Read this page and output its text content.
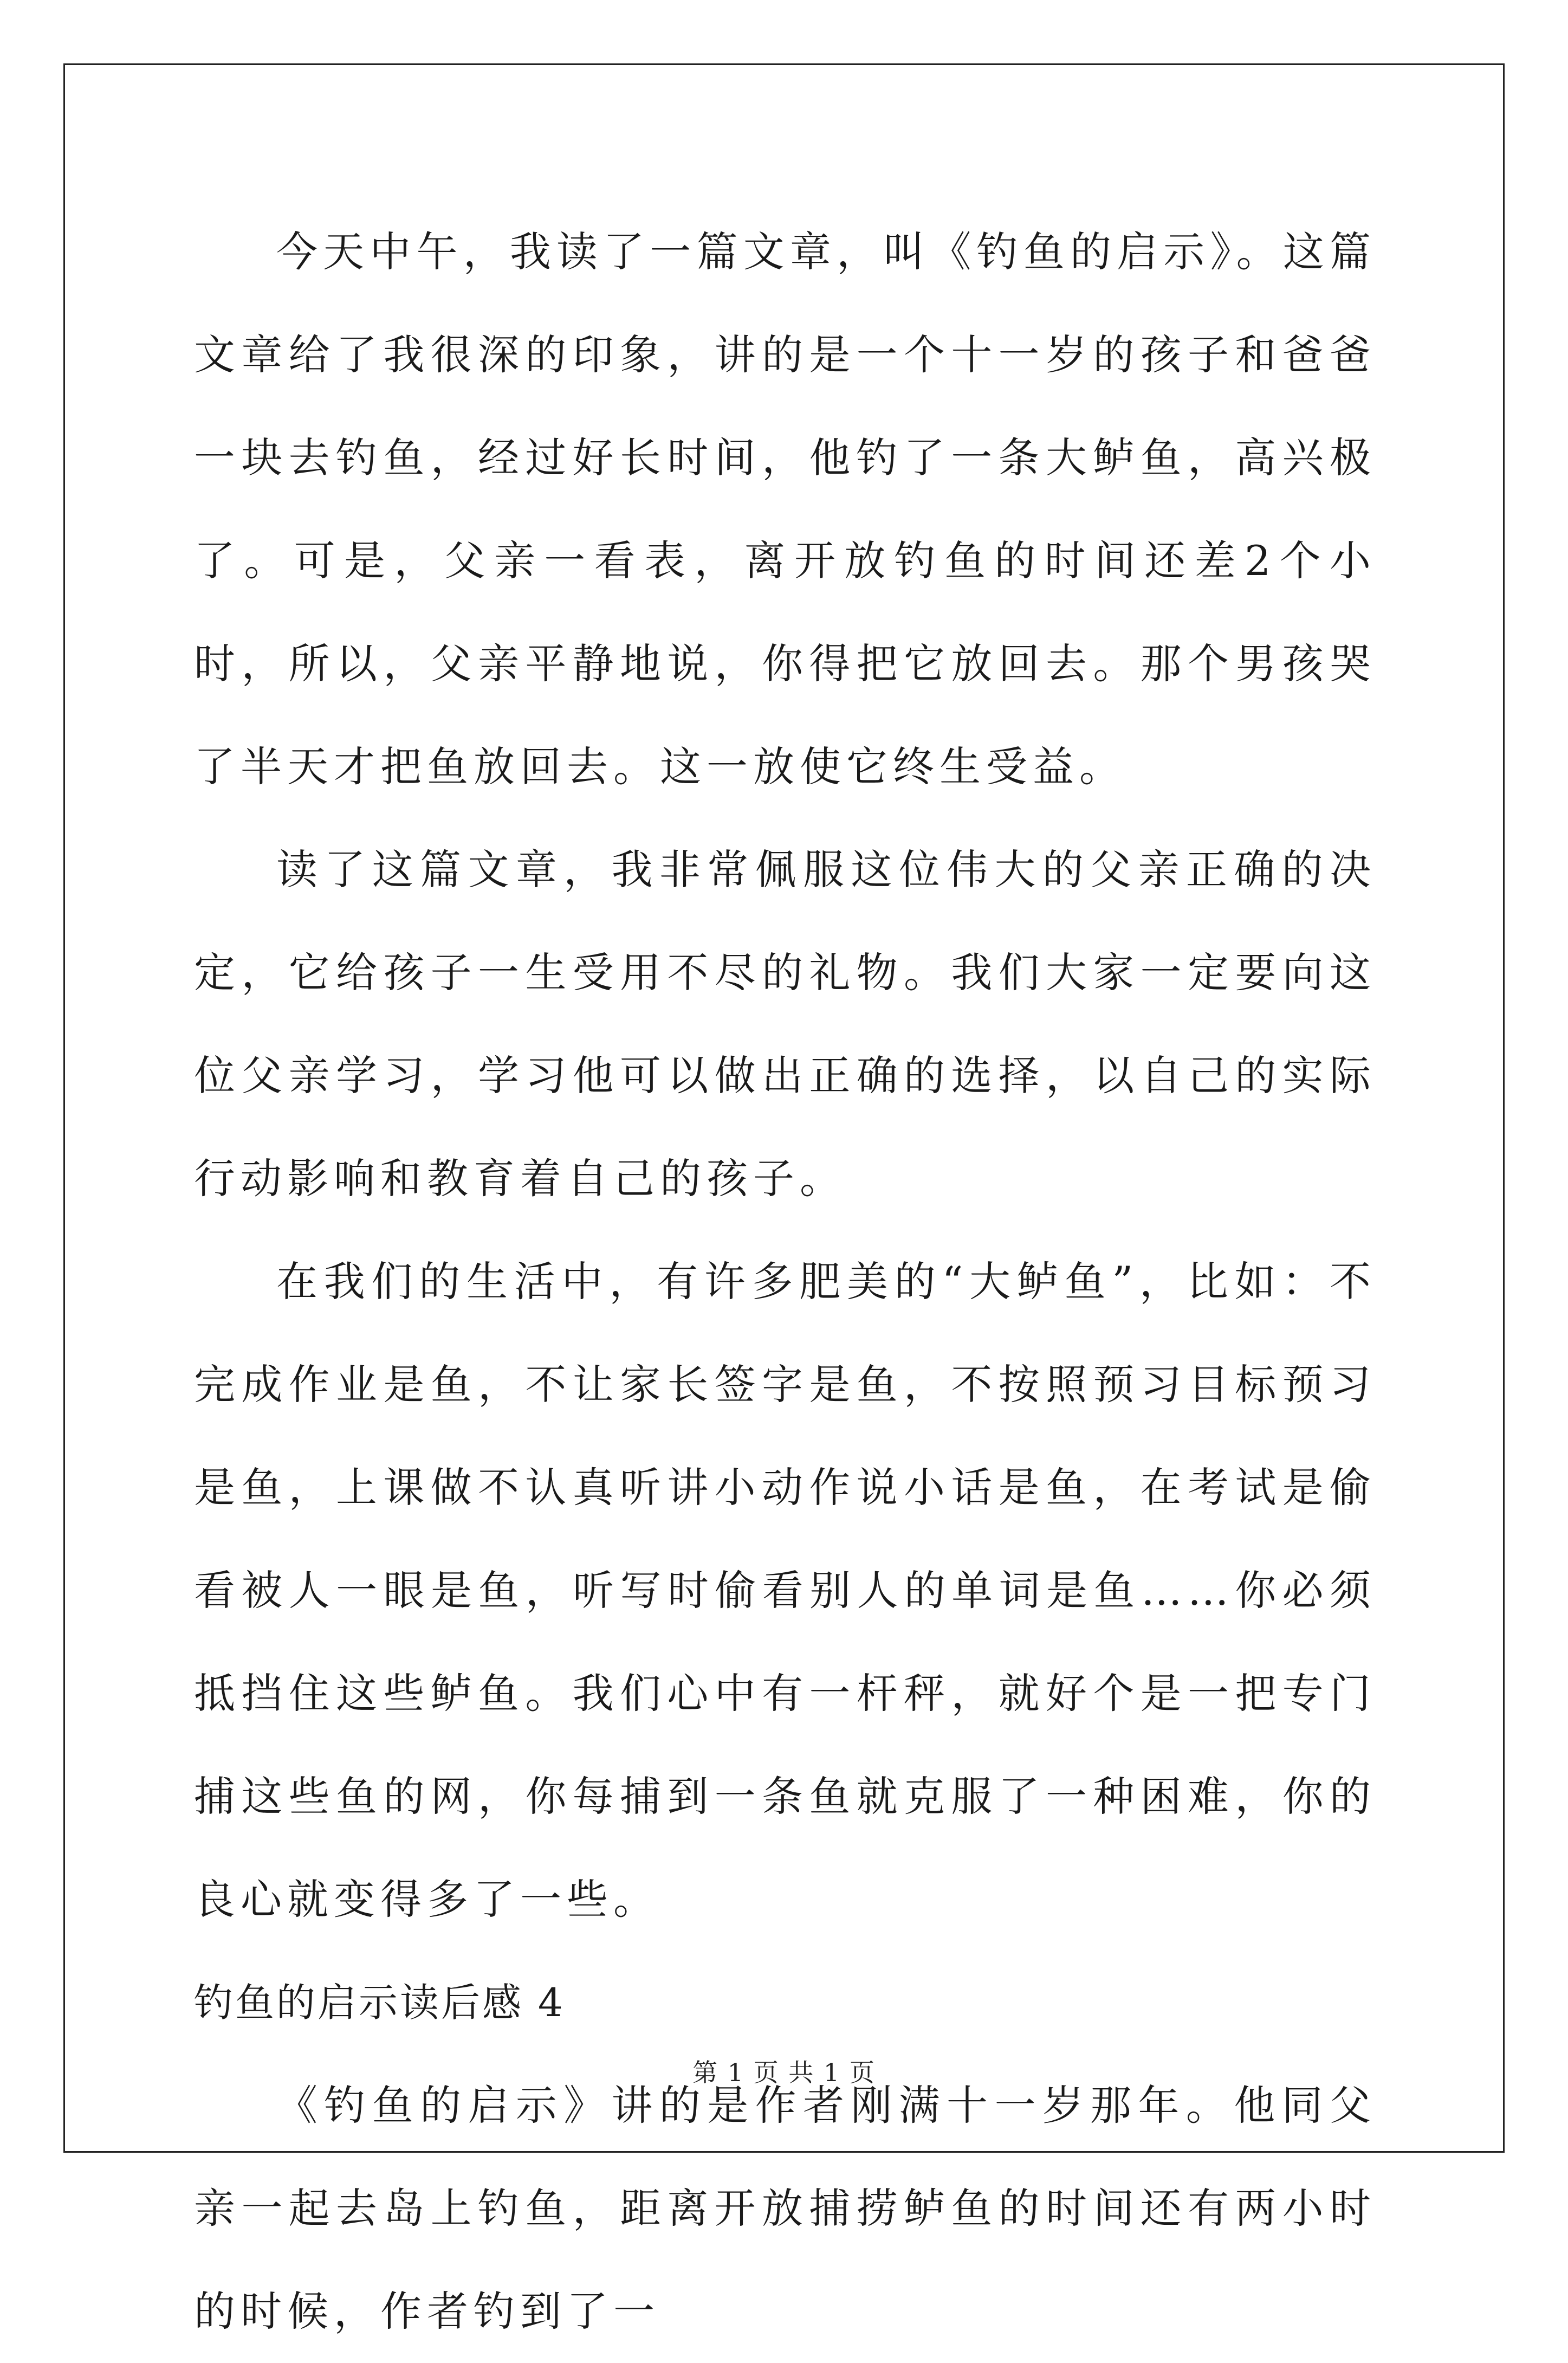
今天中午，我读了一篇文章，叫《钓鱼的启示》。这篇文章给了我很深的印象，讲的是一个十一岁的孩子和爸爸一块去钓鱼，经过好长时间，他钓了一条大鲈鱼，高兴极了。可是，父亲一看表，离开放钓鱼的时间还差2个小时，所以，父亲平静地说，你得把它放回去。那个男孩哭了半天才把鱼放回去。这一放使它终生受益。

读了这篇文章，我非常佩服这位伟大的父亲正确的决定，它给孩子一生受用不尽的礼物。我们大家一定要向这位父亲学习，学习他可以做出正确的选择，以自己的实际行动影响和教育着自己的孩子。

在我们的生活中，有许多肥美的“大鲈鱼”，比如：不完成作业是鱼，不让家长签字是鱼，不按照预习目标预习是鱼，上课做不认真听讲小动作说小话是鱼，在考试是偷看被人一眼是鱼，听写时偷看别人的单词是鱼……你必须抵挡住这些鲈鱼。我们心中有一杆秤，就好个是一把专门捕这些鱼的网，你每捕到一条鱼就克服了一种困难，你的良心就变得多了一些。

钓鱼的启示读后感 4

《钓鱼的启示》讲的是作者刚满十一岁那年。他同父亲一起去岛上钓鱼，距离开放捕捞鲈鱼的时间还有两小时的时候，作者钓到了一

第 1 页 共 1 页
